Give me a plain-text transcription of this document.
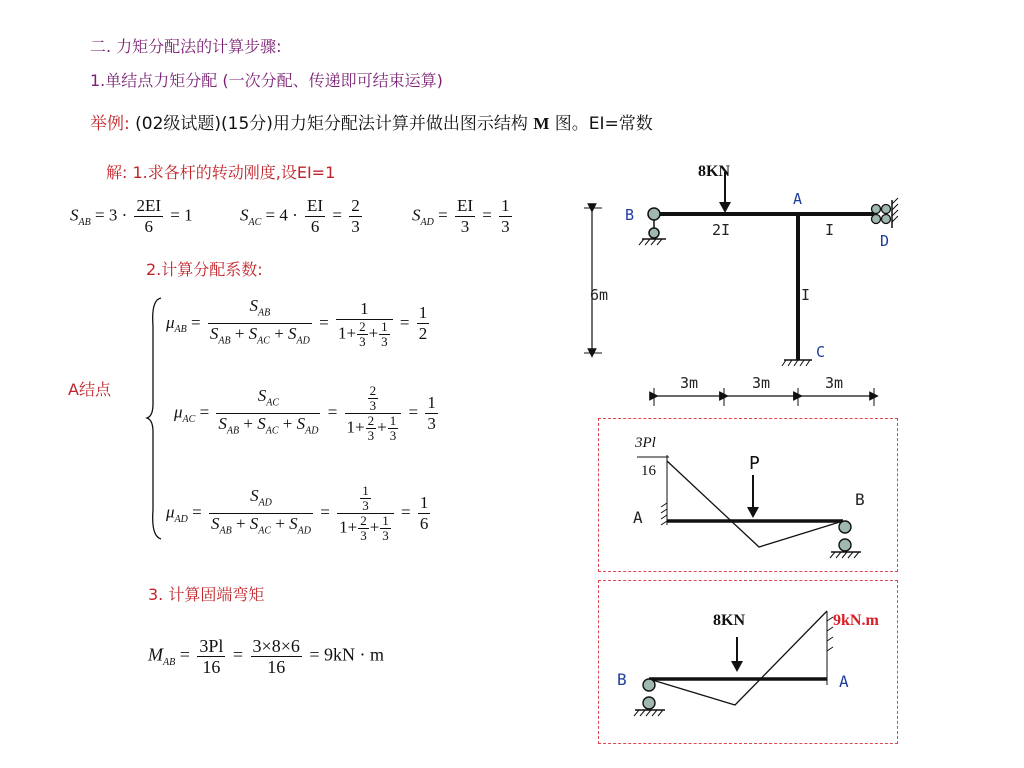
二. 力矩分配法的计算步骤:
1.单结点力矩分配 (一次分配、传递即可结束运算)
举例: (02级试题)(15分)用力矩分配法计算并做出图示结构 M 图。EI=常数
解: 1.求各杆的转动刚度,设EI=1
2.计算分配系数:
A结点
3. 计算固端弯矩
$S_{AB} = 3 \cdot \frac{2EI}{6} = 1$	$S_{AC} = 4 \cdot \frac{EI}{6} = \frac{2}{3}$	$S_{AD} = \frac{EI}{3} = \frac{1}{3}$
$\mu_{AB} = \frac{S_{AB}}{S_{AB} + S_{AC} + S_{AD}} = \frac{1}{1+ \frac{2}{3} + \frac{1}{3}} = \frac{1}{2}$
$\mu_{AC} = \frac{S_{AC}}{S_{AB} + S_{AC} + S_{AD}} = \frac{\frac{2}{3}}{1+ \frac{2}{3} + \frac{1}{3}} = \frac{1}{3}$
$\mu_{AD} = \frac{S_{AD}}{S_{AB} + S_{AC} + S_{AD}} = \frac{\frac{1}{3}}{1+ \frac{2}{3} + \frac{1}{3}} = \frac{1}{6}$
$M_{AB} = \frac{3Pl}{16} = \frac{3\times 8\times 6}{16} = 9kN \cdot m$
8KN
B
A
D
C
2I	I
I
6m
3m	3m	3m
3Pl
16	P
A
B
8KN	9kN.m
B	A
